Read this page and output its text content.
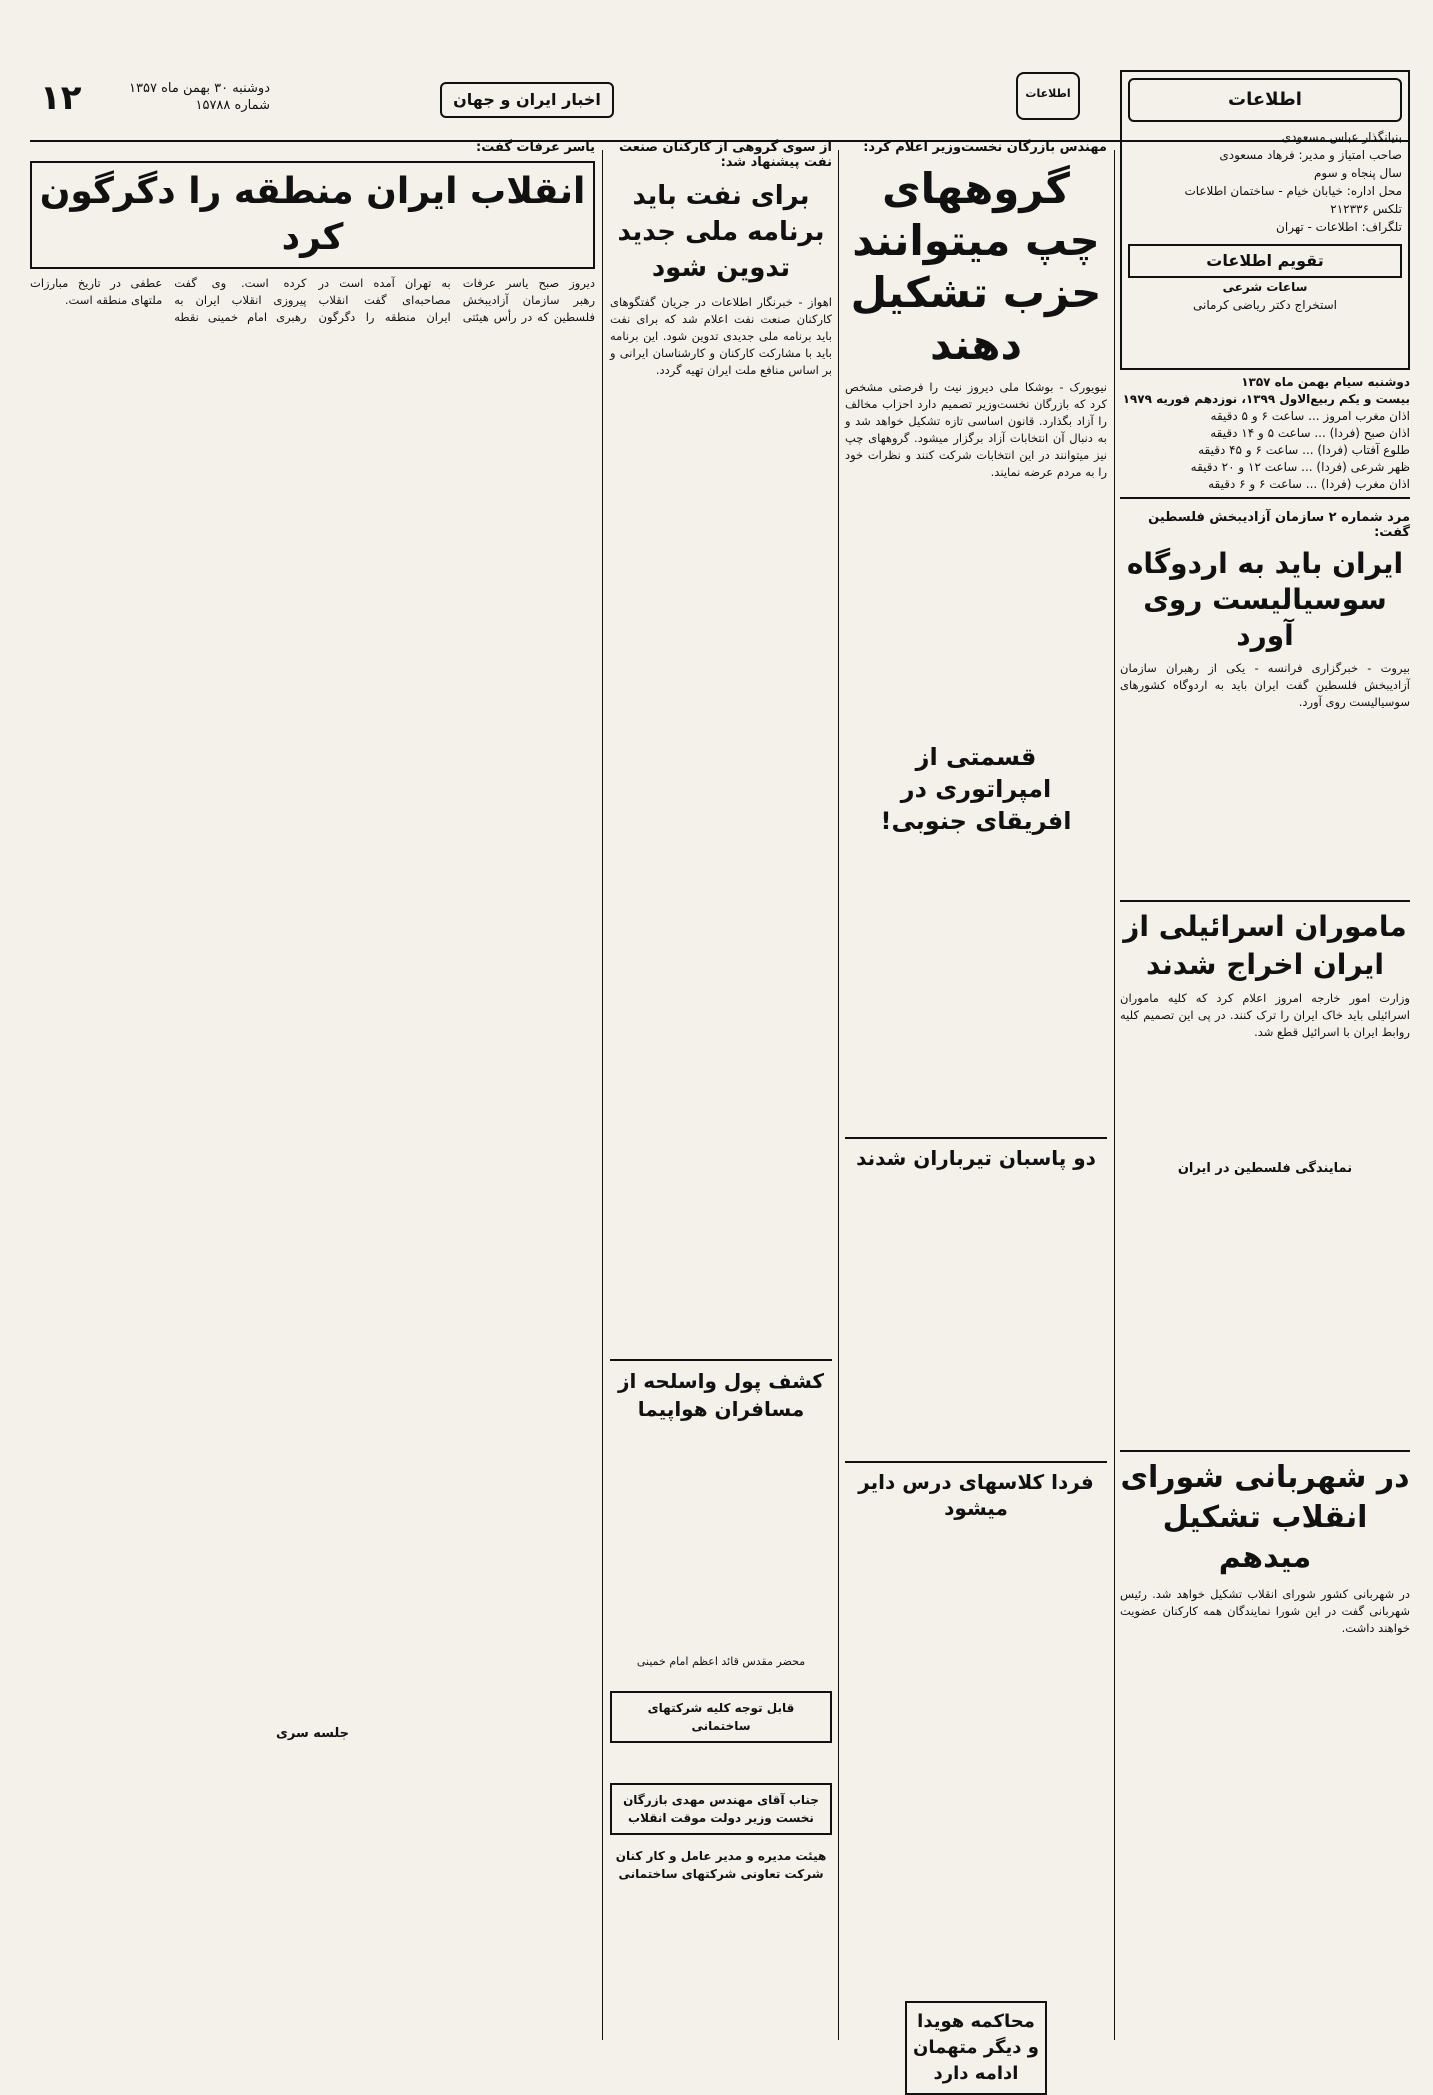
۱۲	دوشنبه ۳۰ بهمن ماه ۱۳۵۷
شماره ۱۵۷۸۸	اخبار ایران و جهان	اطلاعات	اطلاعات
بنیانگذار عباس مسعودی
صاحب امتیاز و مدیر: فرهاد مسعودی
سال پنجاه و سوم
محل اداره: خیابان خیام - ساختمان اطلاعات
تلکس ۲۱۲۳۳۶
تلگراف: اطلاعات - تهران
تقویم اطلاعات
ساعات شرعی
استخراج دکتر ریاضی کرمانی
دوشنبه سیام بهمن ماه ۱۳۵۷
بیست و یکم ربیع‌الاول ۱۳۹۹، نوزدهم فوریه ۱۹۷۹
اذان مغرب امروز ... ساعت ۶ و ۵ دقیقه
اذان صبح (فردا) ... ساعت ۵ و ۱۴ دقیقه
طلوع آفتاب (فردا) ... ساعت ۶ و ۴۵ دقیقه
ظهر شرعی (فردا) ... ساعت ۱۲ و ۲۰ دقیقه
اذان مغرب (فردا) ... ساعت ۶ و ۶ دقیقه
مرد شماره ۲ سازمان آزادیبخش فلسطین گفت:
ایران باید به اردوگاه سوسیالیست روی آورد
بیروت - خبرگزاری فرانسه - یکی از رهبران سازمان آزادیبخش فلسطین گفت ایران باید به اردوگاه کشورهای سوسیالیست روی آورد.
ماموران اسرائیلی از ایران اخراج شدند
وزارت امور خارجه امروز اعلام کرد که کلیه ماموران اسرائیلی باید خاک ایران را ترک کنند. در پی این تصمیم کلیه روابط ایران با اسرائیل قطع شد.
نمایندگی فلسطین در ایران
در شهربانی شورای انقلاب تشکیل میدهم
در شهربانی کشور شورای انقلاب تشکیل خواهد شد. رئیس شهربانی گفت در این شورا نمایندگان همه کارکنان عضویت خواهند داشت.
مهندس بازرگان نخست‌وزیر اعلام کرد:
گروههای چپ میتوانند حزب تشکیل دهند
نیویورک - بوشکا ملی دیروز نیت را فرصتی مشخص کرد که بازرگان نخست‌وزیر تصمیم دارد احزاب مخالف را آزاد بگذارد. قانون اساسی تازه تشکیل خواهد شد و به دنبال آن انتخابات آزاد برگزار میشود. گروههای چپ نیز میتوانند در این انتخابات شرکت کنند و نظرات خود را به مردم عرضه نمایند.
قسمتی از امپراتوری در افریقای جنوبی!
دو پاسبان تیرباران شدند
فردا کلاسهای درس دایر میشود
محاکمه هویدا و دیگر متهمان ادامه دارد
از سوی گروهی از کارکنان صنعت نفت پیشنهاد شد:
برای نفت باید برنامه ملی جدید تدوین شود
اهواز - خبرنگار اطلاعات در جریان گفتگوهای کارکنان صنعت نفت اعلام شد که برای نفت باید برنامه ملی جدیدی تدوین شود. این برنامه باید با مشارکت کارکنان و کارشناسان ایرانی و بر اساس منافع ملت ایران تهیه گردد.
کشف پول واسلحه از مسافران هواپیما
محضر مقدس قائد اعظم امام خمینی
قابل توجه کلیه شرکتهای ساختمانی
جناب آقای مهندس مهدی بازرگان نخست وزیر دولت موقت انقلاب
هیئت مدیره و مدیر عامل و کار کنان شرکت تعاونی شرکتهای ساختمانی
یاسر عرفات گفت:
انقلاب ایران منطقه را دگرگون کرد
دیروز صبح یاسر عرفات رهبر سازمان آزادیبخش فلسطین که در رأس هیئتی به تهران آمده است در مصاحبه‌ای گفت انقلاب ایران منطقه را دگرگون کرده است. وی گفت پیروزی انقلاب ایران به رهبری امام خمینی نقطه عطفی در تاریخ مبارزات ملتهای منطقه است.
جلسه سری
